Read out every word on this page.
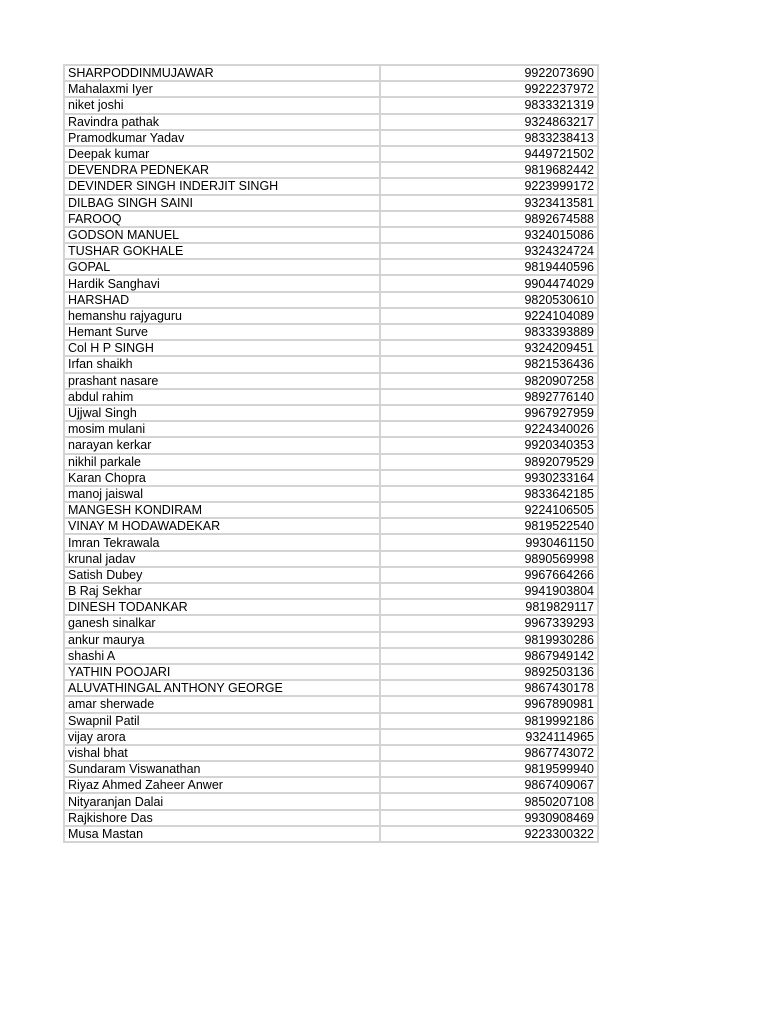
SHARPODDINMUJAWAR	9922073690
Mahalaxmi Iyer	9922237972
niket joshi	9833321319
Ravindra pathak	9324863217
Pramodkumar Yadav	9833238413
Deepak kumar	9449721502
DEVENDRA PEDNEKAR	9819682442
DEVINDER SINGH INDERJIT SINGH	9223999172
DILBAG SINGH SAINI	9323413581
FAROOQ	9892674588
GODSON MANUEL	9324015086
TUSHAR GOKHALE	9324324724
GOPAL	9819440596
Hardik Sanghavi	9904474029
HARSHAD	9820530610
hemanshu rajyaguru	9224104089
Hemant Surve	9833393889
Col H P SINGH	9324209451
Irfan shaikh	9821536436
prashant nasare	9820907258
abdul rahim	9892776140
Ujjwal Singh	9967927959
mosim mulani	9224340026
narayan kerkar	9920340353
nikhil parkale	9892079529
Karan Chopra	9930233164
manoj jaiswal	9833642185
MANGESH KONDIRAM	9224106505
VINAY M HODAWADEKAR	9819522540
Imran Tekrawala	9930461150
krunal jadav	9890569998
Satish Dubey	9967664266
B Raj Sekhar	9941903804
DINESH TODANKAR	9819829117
ganesh sinalkar	9967339293
ankur maurya	9819930286
shashi A	9867949142
YATHIN POOJARI	9892503136
ALUVATHINGAL ANTHONY GEORGE	9867430178
amar sherwade	9967890981
Swapnil Patil	9819992186
vijay arora	9324114965
vishal bhat	9867743072
Sundaram Viswanathan	9819599940
Riyaz Ahmed Zaheer Anwer	9867409067
Nityaranjan Dalai	9850207108
Rajkishore Das	9930908469
Musa Mastan	9223300322
